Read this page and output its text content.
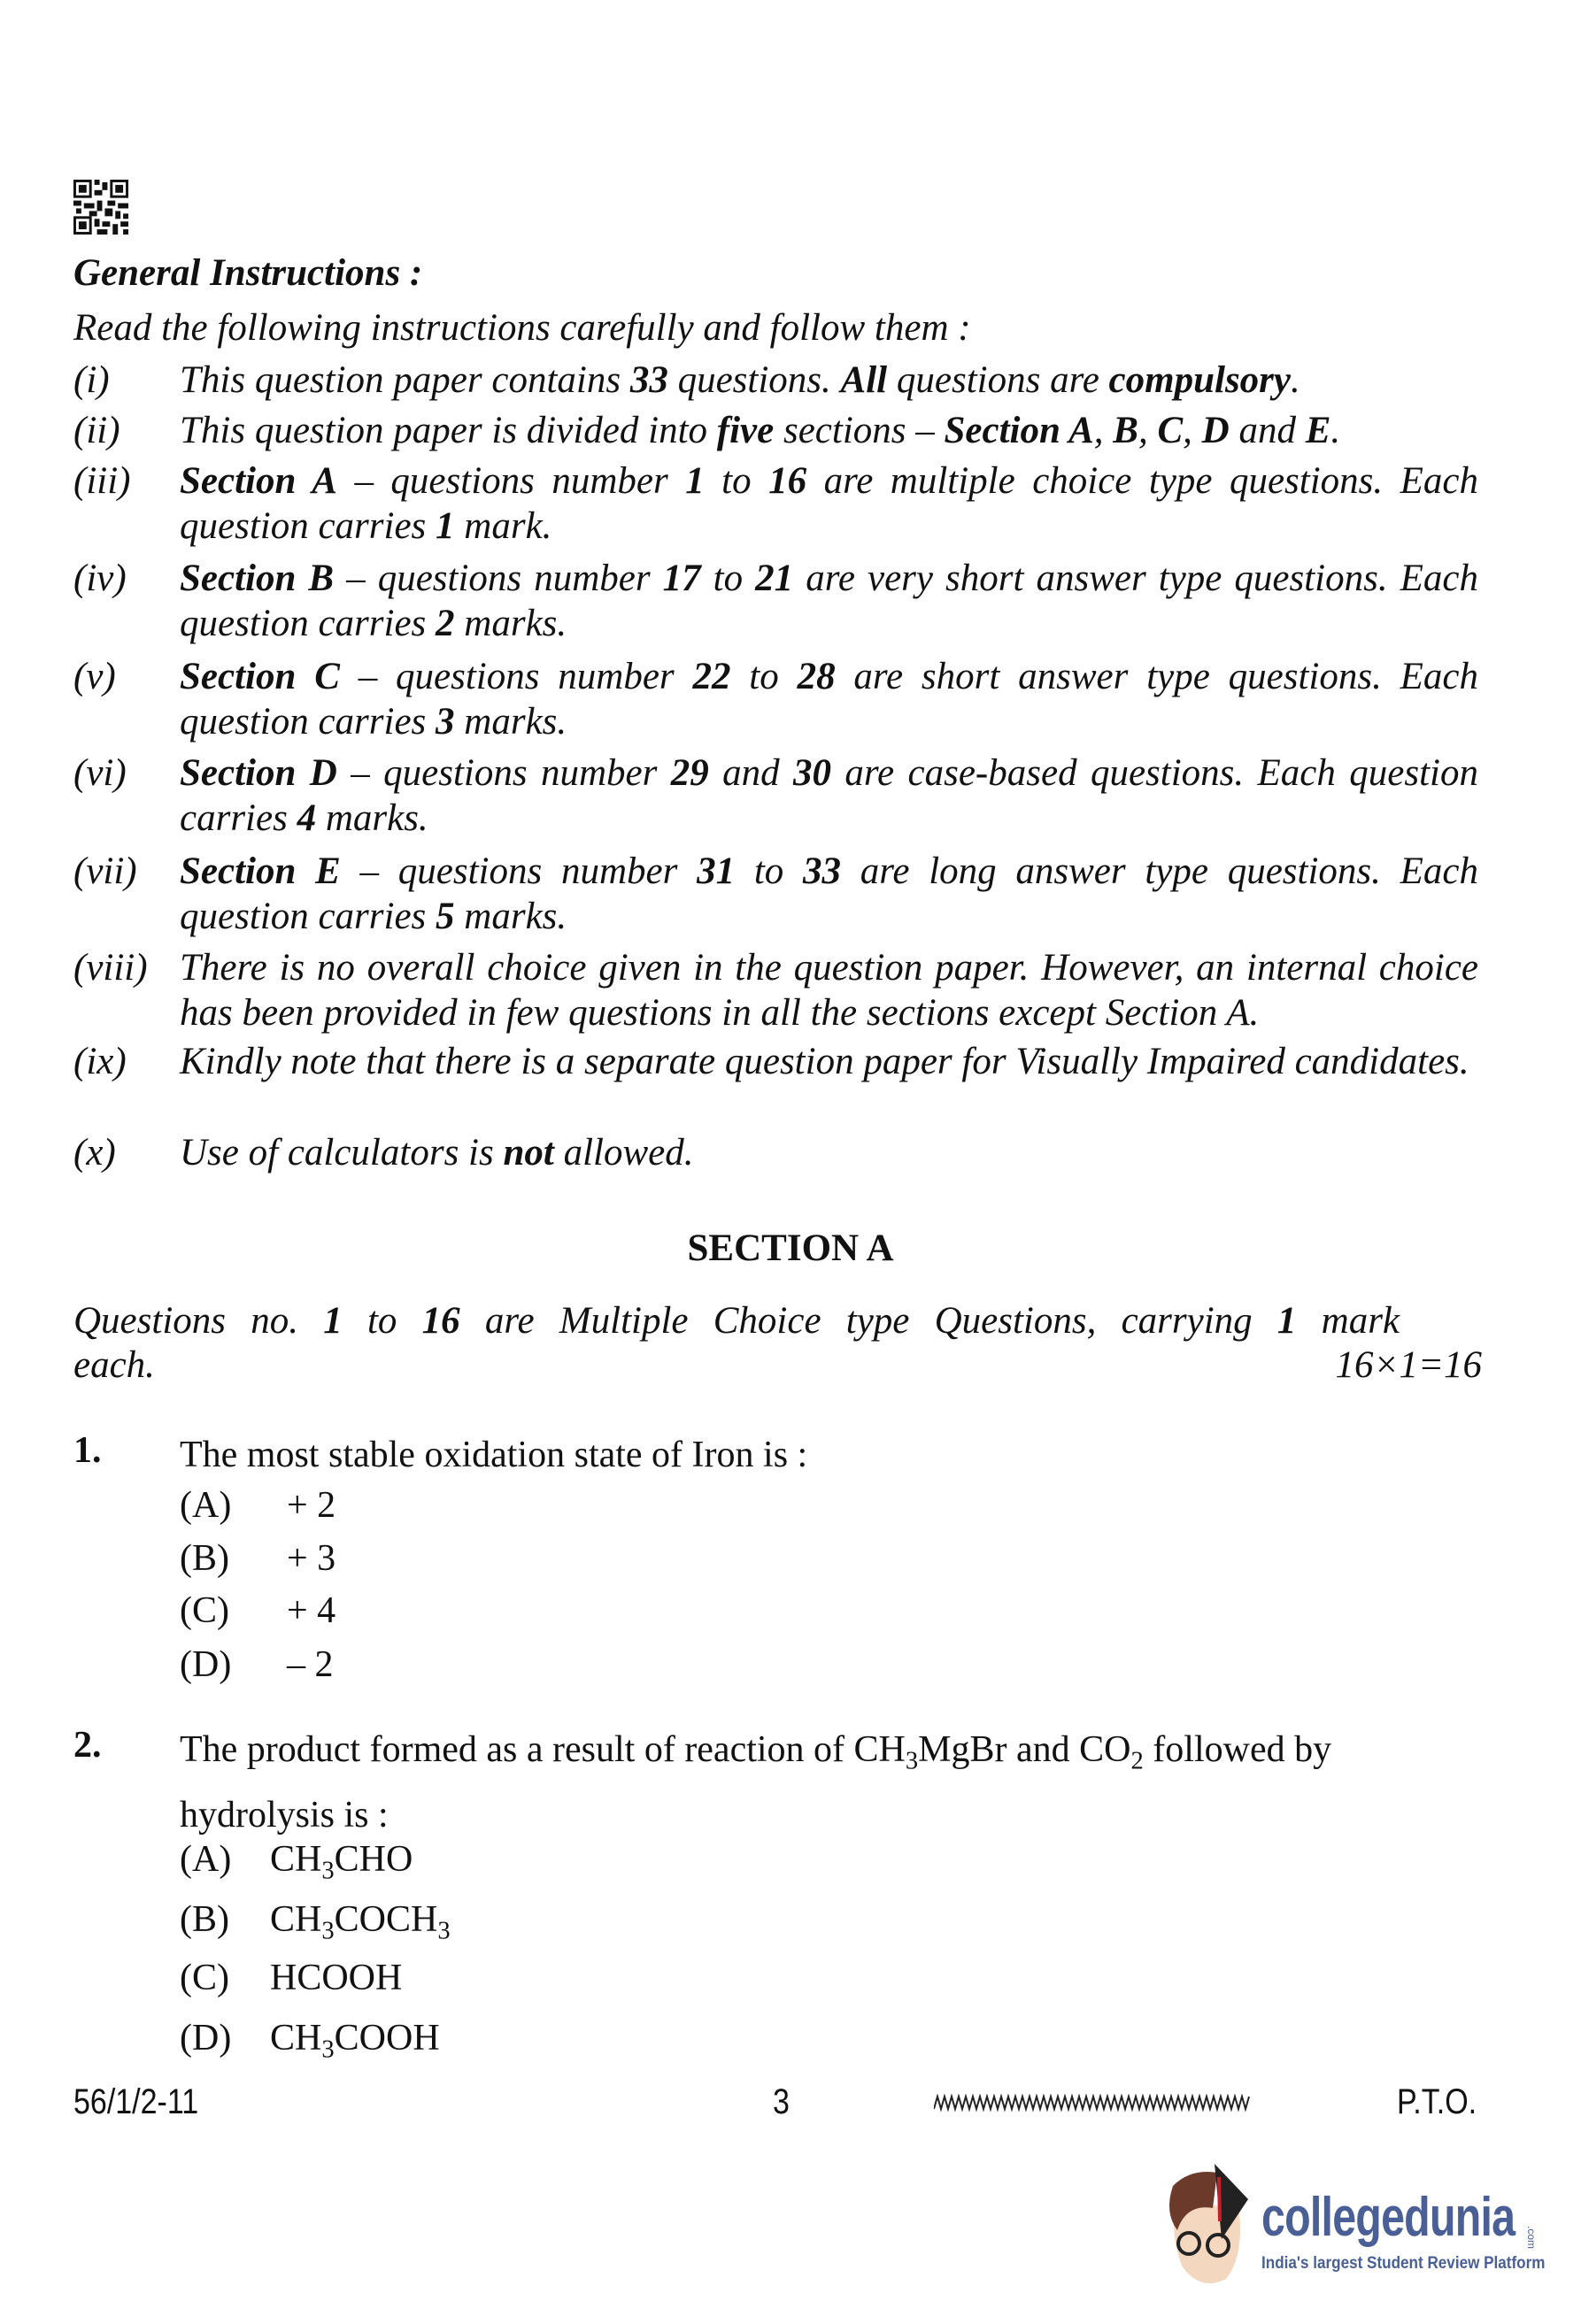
General Instructions :
Read the following instructions carefully and follow them :
(i) This question paper contains 33 questions. All questions are compulsory.
(ii) This question paper is divided into five sections – Section A, B, C, D and E.
(iii) Section A – questions number 1 to 16 are multiple choice type questions. Each question carries 1 mark.
(iv) Section B – questions number 17 to 21 are very short answer type questions. Each question carries 2 marks.
(v) Section C – questions number 22 to 28 are short answer type questions. Each question carries 3 marks.
(vi) Section D – questions number 29 and 30 are case-based questions. Each question carries 4 marks.
(vii) Section E – questions number 31 to 33 are long answer type questions. Each question carries 5 marks.
(viii) There is no overall choice given in the question paper. However, an internal choice has been provided in few questions in all the sections except Section A.
(ix) Kindly note that there is a separate question paper for Visually Impaired candidates.
(x) Use of calculators is not allowed.
SECTION A
Questions no. 1 to 16 are Multiple Choice type Questions, carrying 1 mark
each.	16×1=16
1. The most stable oxidation state of Iron is :
(A) + 2
(B) + 3
(C) + 4
(D) – 2
2. The product formed as a result of reaction of $CH_3MgBr$ and $CO_2$ followed by hydrolysis is :
(A) $CH_3CHO$
(B) $CH_3COCH_3$
(C) HCOOH
(D) $CH_3COOH$
56/1/2-11	3	P.T.O.
collegedunia .com
India's largest Student Review Platform
